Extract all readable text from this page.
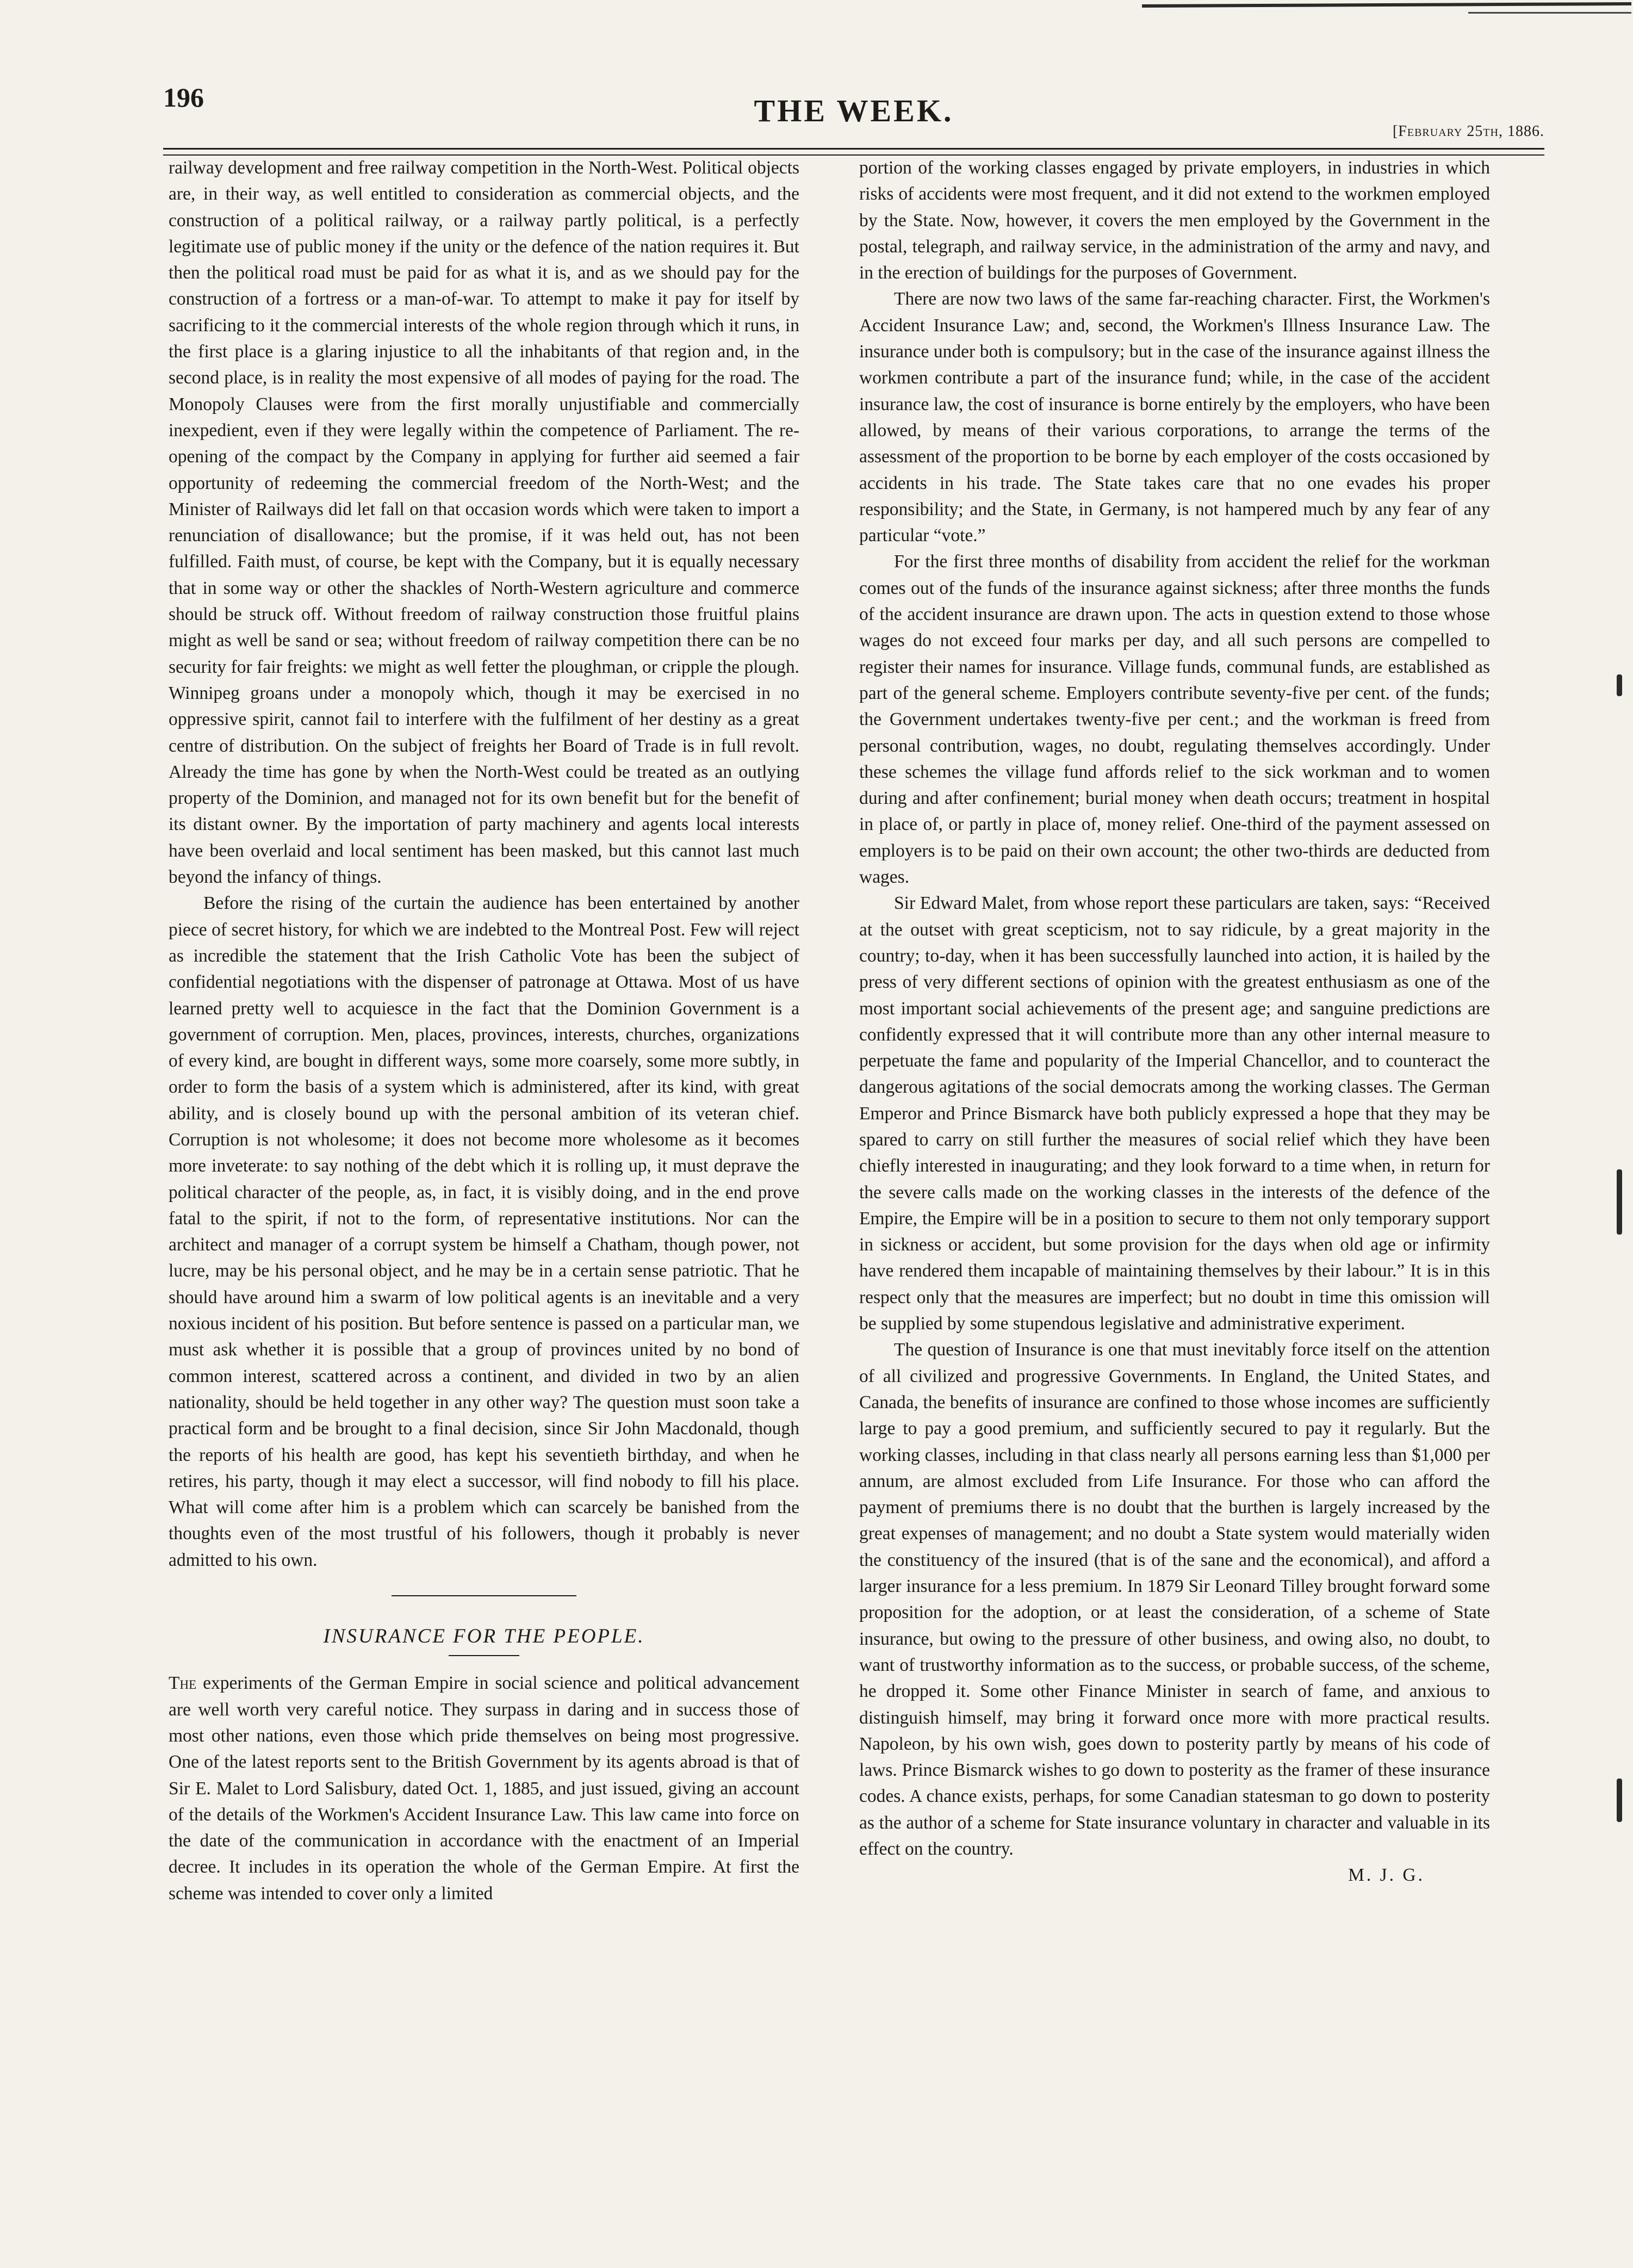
196	THE WEEK.
[February 25th, 1886.

railway development and free railway competition in the North-West. Political objects are, in their way, as well entitled to consideration as commercial objects, and the construction of a political railway, or a railway partly political, is a perfectly legitimate use of public money if the unity or the defence of the nation requires it. But then the political road must be paid for as what it is, and as we should pay for the construction of a fortress or a man-of-war. To attempt to make it pay for itself by sacrificing to it the commercial interests of the whole region through which it runs, in the first place is a glaring injustice to all the inhabitants of that region and, in the second place, is in reality the most expensive of all modes of paying for the road. The Monopoly Clauses were from the first morally unjustifiable and commercially inexpedient, even if they were legally within the competence of Parliament. The re-opening of the compact by the Company in applying for further aid seemed a fair opportunity of redeeming the commercial freedom of the North-West; and the Minister of Railways did let fall on that occasion words which were taken to import a renunciation of disallowance; but the promise, if it was held out, has not been fulfilled. Faith must, of course, be kept with the Company, but it is equally necessary that in some way or other the shackles of North-Western agriculture and commerce should be struck off. Without freedom of railway construction those fruitful plains might as well be sand or sea; without freedom of railway competition there can be no security for fair freights: we might as well fetter the ploughman, or cripple the plough. Winnipeg groans under a monopoly which, though it may be exercised in no oppressive spirit, cannot fail to interfere with the fulfilment of her destiny as a great centre of distribution. On the subject of freights her Board of Trade is in full revolt. Already the time has gone by when the North-West could be treated as an outlying property of the Dominion, and managed not for its own benefit but for the benefit of its distant owner. By the importation of party machinery and agents local interests have been overlaid and local sentiment has been masked, but this cannot last much beyond the infancy of things.

Before the rising of the curtain the audience has been entertained by another piece of secret history, for which we are indebted to the Montreal Post. Few will reject as incredible the statement that the Irish Catholic Vote has been the subject of confidential negotiations with the dispenser of patronage at Ottawa. Most of us have learned pretty well to acquiesce in the fact that the Dominion Government is a government of corruption. Men, places, provinces, interests, churches, organizations of every kind, are bought in different ways, some more coarsely, some more subtly, in order to form the basis of a system which is administered, after its kind, with great ability, and is closely bound up with the personal ambition of its veteran chief. Corruption is not wholesome; it does not become more wholesome as it becomes more inveterate: to say nothing of the debt which it is rolling up, it must deprave the political character of the people, as, in fact, it is visibly doing, and in the end prove fatal to the spirit, if not to the form, of representative institutions. Nor can the architect and manager of a corrupt system be himself a Chatham, though power, not lucre, may be his personal object, and he may be in a certain sense patriotic. That he should have around him a swarm of low political agents is an inevitable and a very noxious incident of his position. But before sentence is passed on a particular man, we must ask whether it is possible that a group of provinces united by no bond of common interest, scattered across a continent, and divided in two by an alien nationality, should be held together in any other way? The question must soon take a practical form and be brought to a final decision, since Sir John Macdonald, though the reports of his health are good, has kept his seventieth birthday, and when he retires, his party, though it may elect a successor, will find nobody to fill his place. What will come after him is a problem which can scarcely be banished from the thoughts even of the most trustful of his followers, though it probably is never admitted to his own.

INSURANCE FOR THE PEOPLE.

The experiments of the German Empire in social science and political advancement are well worth very careful notice. They surpass in daring and in success those of most other nations, even those which pride themselves on being most progressive. One of the latest reports sent to the British Government by its agents abroad is that of Sir E. Malet to Lord Salisbury, dated Oct. 1, 1885, and just issued, giving an account of the details of the Workmen's Accident Insurance Law. This law came into force on the date of the communication in accordance with the enactment of an Imperial decree. It includes in its operation the whole of the German Empire. At first the scheme was intended to cover only a limited

portion of the working classes engaged by private employers, in industries in which risks of accidents were most frequent, and it did not extend to the workmen employed by the State. Now, however, it covers the men employed by the Government in the postal, telegraph, and railway service, in the administration of the army and navy, and in the erection of buildings for the purposes of Government.

There are now two laws of the same far-reaching character. First, the Workmen's Accident Insurance Law; and, second, the Workmen's Illness Insurance Law. The insurance under both is compulsory; but in the case of the insurance against illness the workmen contribute a part of the insurance fund; while, in the case of the accident insurance law, the cost of insurance is borne entirely by the employers, who have been allowed, by means of their various corporations, to arrange the terms of the assessment of the proportion to be borne by each employer of the costs occasioned by accidents in his trade. The State takes care that no one evades his proper responsibility; and the State, in Germany, is not hampered much by any fear of any particular “vote.”

For the first three months of disability from accident the relief for the workman comes out of the funds of the insurance against sickness; after three months the funds of the accident insurance are drawn upon. The acts in question extend to those whose wages do not exceed four marks per day, and all such persons are compelled to register their names for insurance. Village funds, communal funds, are established as part of the general scheme. Employers contribute seventy-five per cent. of the funds; the Government undertakes twenty-five per cent.; and the workman is freed from personal contribution, wages, no doubt, regulating themselves accordingly. Under these schemes the village fund affords relief to the sick workman and to women during and after confinement; burial money when death occurs; treatment in hospital in place of, or partly in place of, money relief. One-third of the payment assessed on employers is to be paid on their own account; the other two-thirds are deducted from wages.

Sir Edward Malet, from whose report these particulars are taken, says: “Received at the outset with great scepticism, not to say ridicule, by a great majority in the country; to-day, when it has been successfully launched into action, it is hailed by the press of very different sections of opinion with the greatest enthusiasm as one of the most important social achievements of the present age; and sanguine predictions are confidently expressed that it will contribute more than any other internal measure to perpetuate the fame and popularity of the Imperial Chancellor, and to counteract the dangerous agitations of the social democrats among the working classes. The German Emperor and Prince Bismarck have both publicly expressed a hope that they may be spared to carry on still further the measures of social relief which they have been chiefly interested in inaugurating; and they look forward to a time when, in return for the severe calls made on the working classes in the interests of the defence of the Empire, the Empire will be in a position to secure to them not only temporary support in sickness or accident, but some provision for the days when old age or infirmity have rendered them incapable of maintaining themselves by their labour.” It is in this respect only that the measures are imperfect; but no doubt in time this omission will be supplied by some stupendous legislative and administrative experiment.

The question of Insurance is one that must inevitably force itself on the attention of all civilized and progressive Governments. In England, the United States, and Canada, the benefits of insurance are confined to those whose incomes are sufficiently large to pay a good premium, and sufficiently secured to pay it regularly. But the working classes, including in that class nearly all persons earning less than $1,000 per annum, are almost excluded from Life Insurance. For those who can afford the payment of premiums there is no doubt that the burthen is largely increased by the great expenses of management; and no doubt a State system would materially widen the constituency of the insured (that is of the sane and the economical), and afford a larger insurance for a less premium. In 1879 Sir Leonard Tilley brought forward some proposition for the adoption, or at least the consideration, of a scheme of State insurance, but owing to the pressure of other business, and owing also, no doubt, to want of trustworthy information as to the success, or probable success, of the scheme, he dropped it. Some other Finance Minister in search of fame, and anxious to distinguish himself, may bring it forward once more with more practical results. Napoleon, by his own wish, goes down to posterity partly by means of his code of laws. Prince Bismarck wishes to go down to posterity as the framer of these insurance codes. A chance exists, perhaps, for some Canadian statesman to go down to posterity as the author of a scheme for State insurance voluntary in character and valuable in its effect on the country.

M. J. G.
